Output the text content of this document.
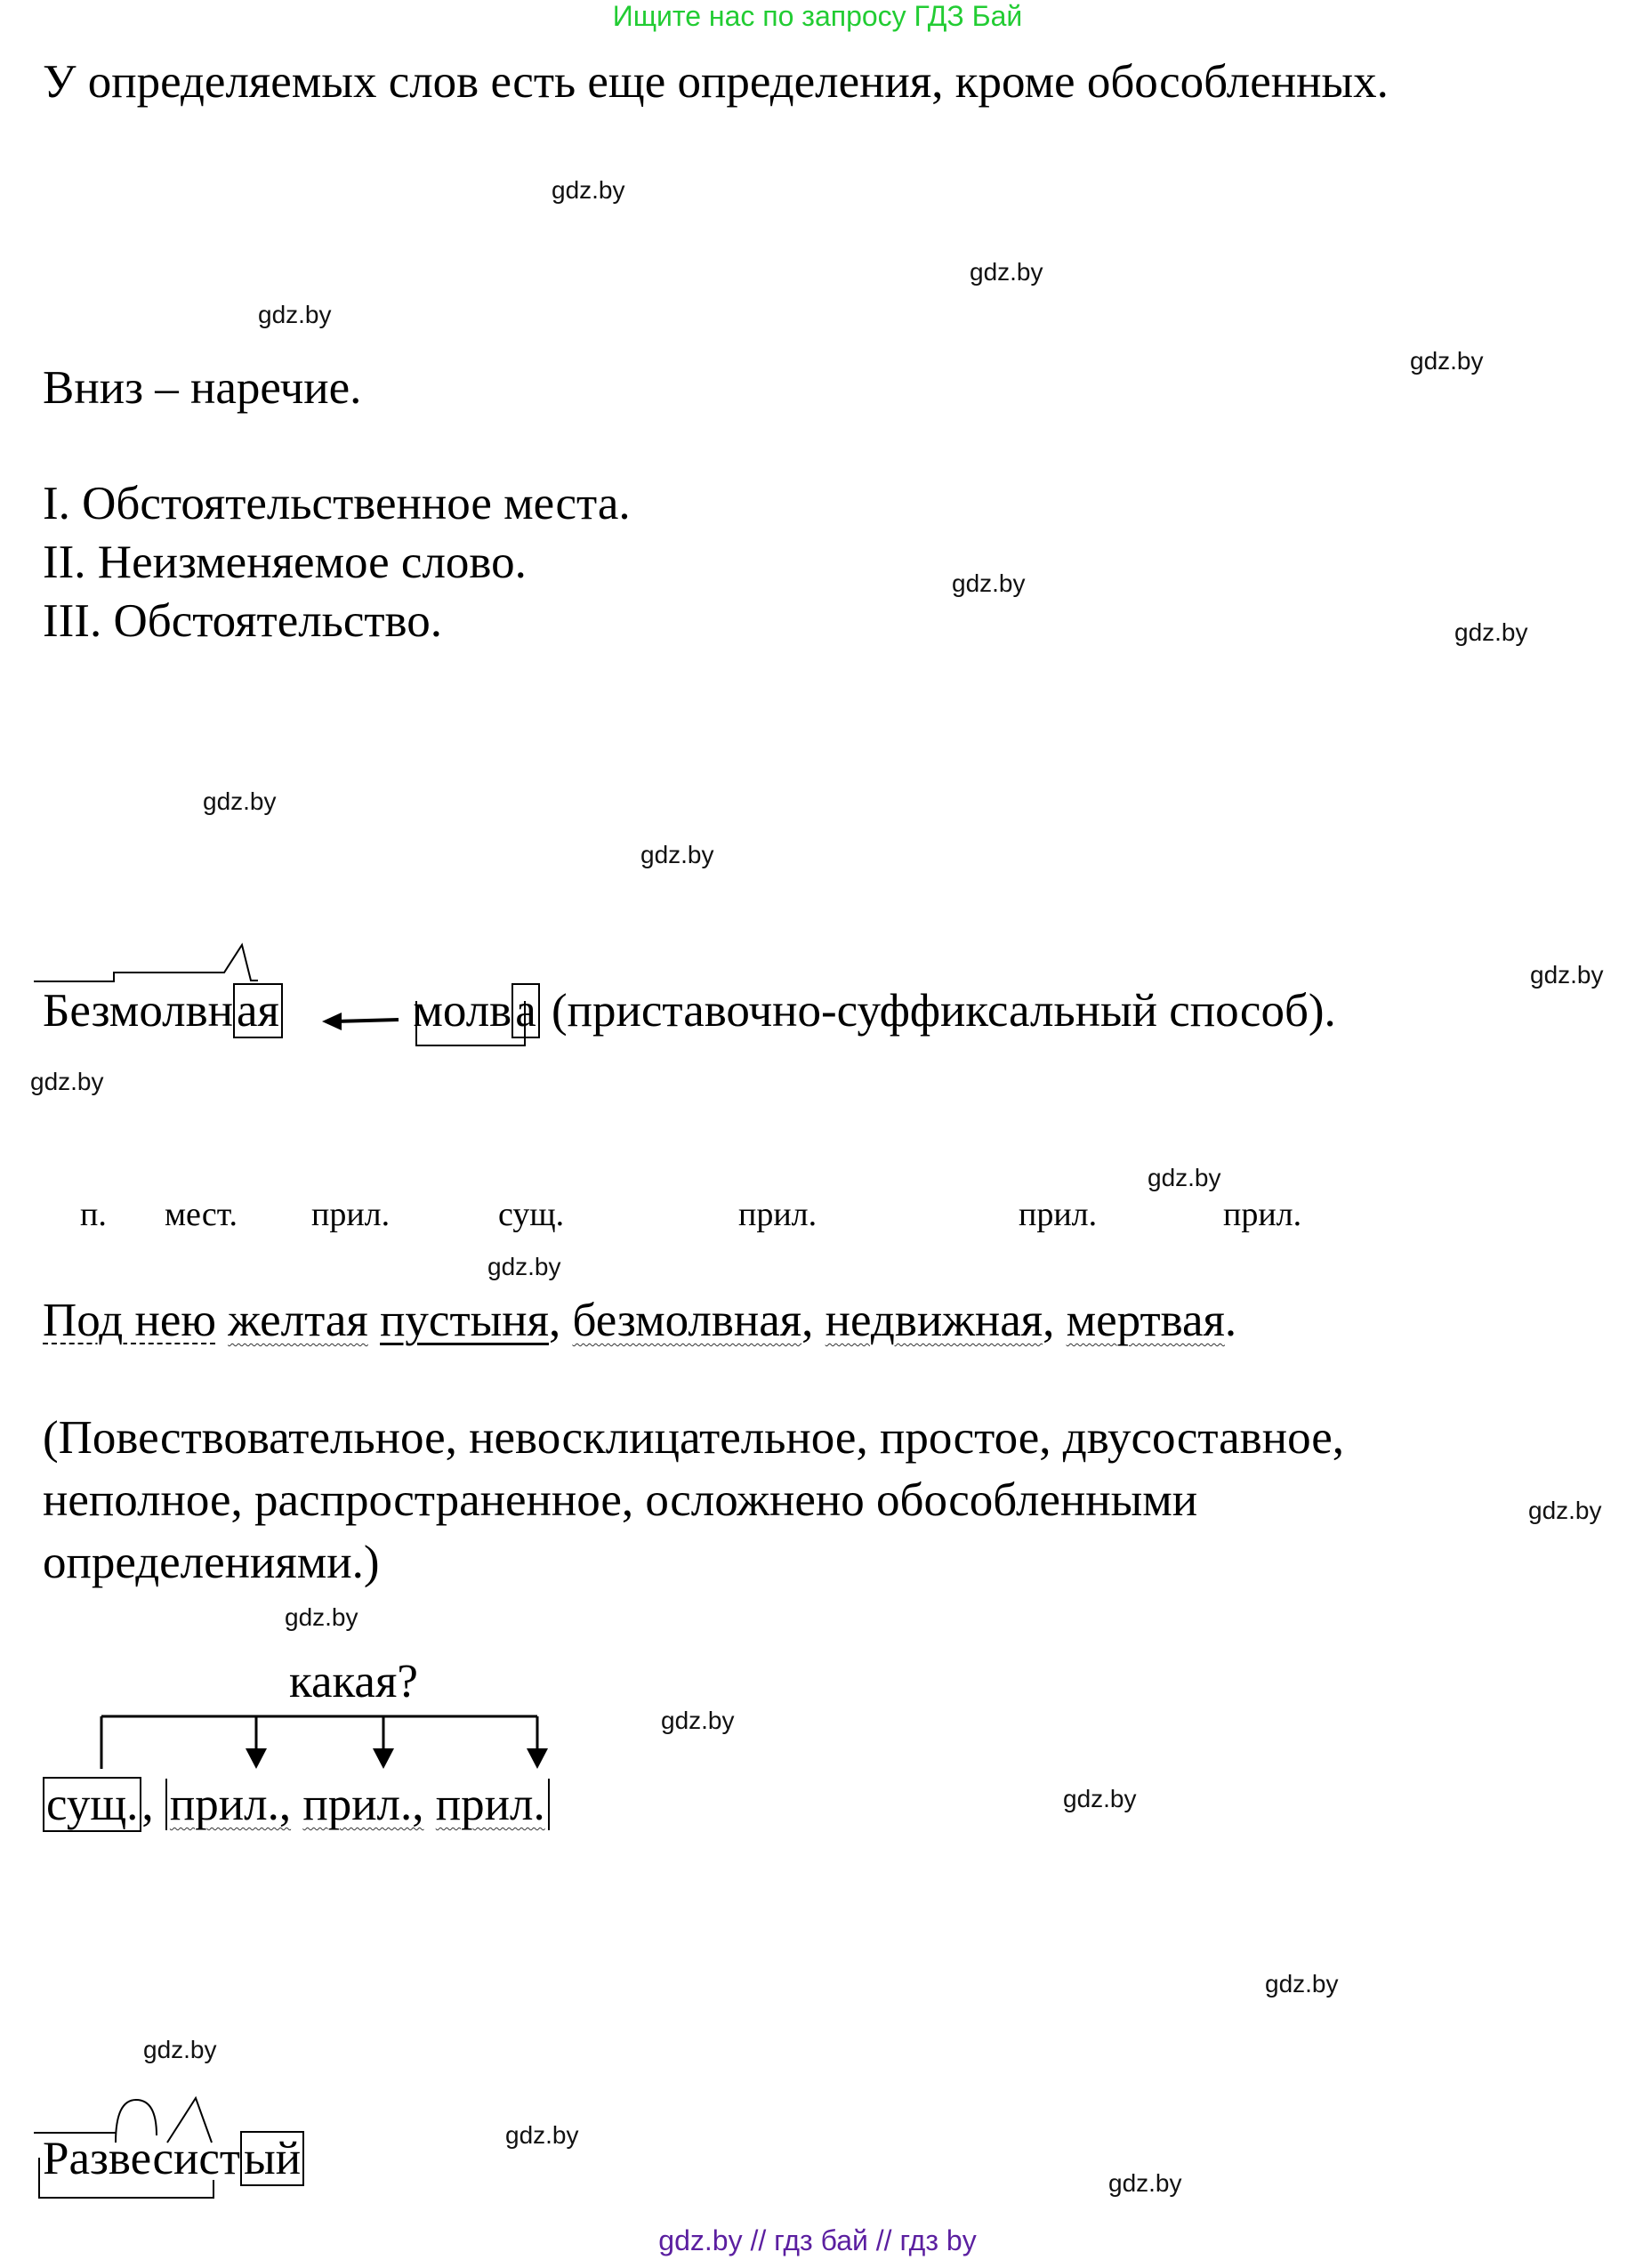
Ищите нас по запросу ГДЗ Бай
У определяемых слов есть еще определения, кроме обособленных.
Вниз – наречие.
I. Обстоятельственное места.
II. Неизменяемое слово.
III. Обстоятельство.
Безмолвная	молва (приставочно-суффиксальный способ).
п. мест. прил.	сущ.	прил.	прил.	прил.
Под нею желтая пустыня, безмолвная, недвижная, мертвая.
(Повествовательное, невосклицательное, простое, двусоставное,
неполное, распространенное, осложнено обособленными
определениями.)
какая?
сущ., прил., прил., прил.
Развесистый
gdz.by
gdz.by
gdz.by
gdz.by
gdz.by
gdz.by
gdz.by
gdz.by
gdz.by
gdz.by
gdz.by
gdz.by
gdz.by
gdz.by
gdz.by
gdz.by
gdz.by
gdz.by
gdz.by
gdz.by
gdz.by // гдз бай // гдз by
